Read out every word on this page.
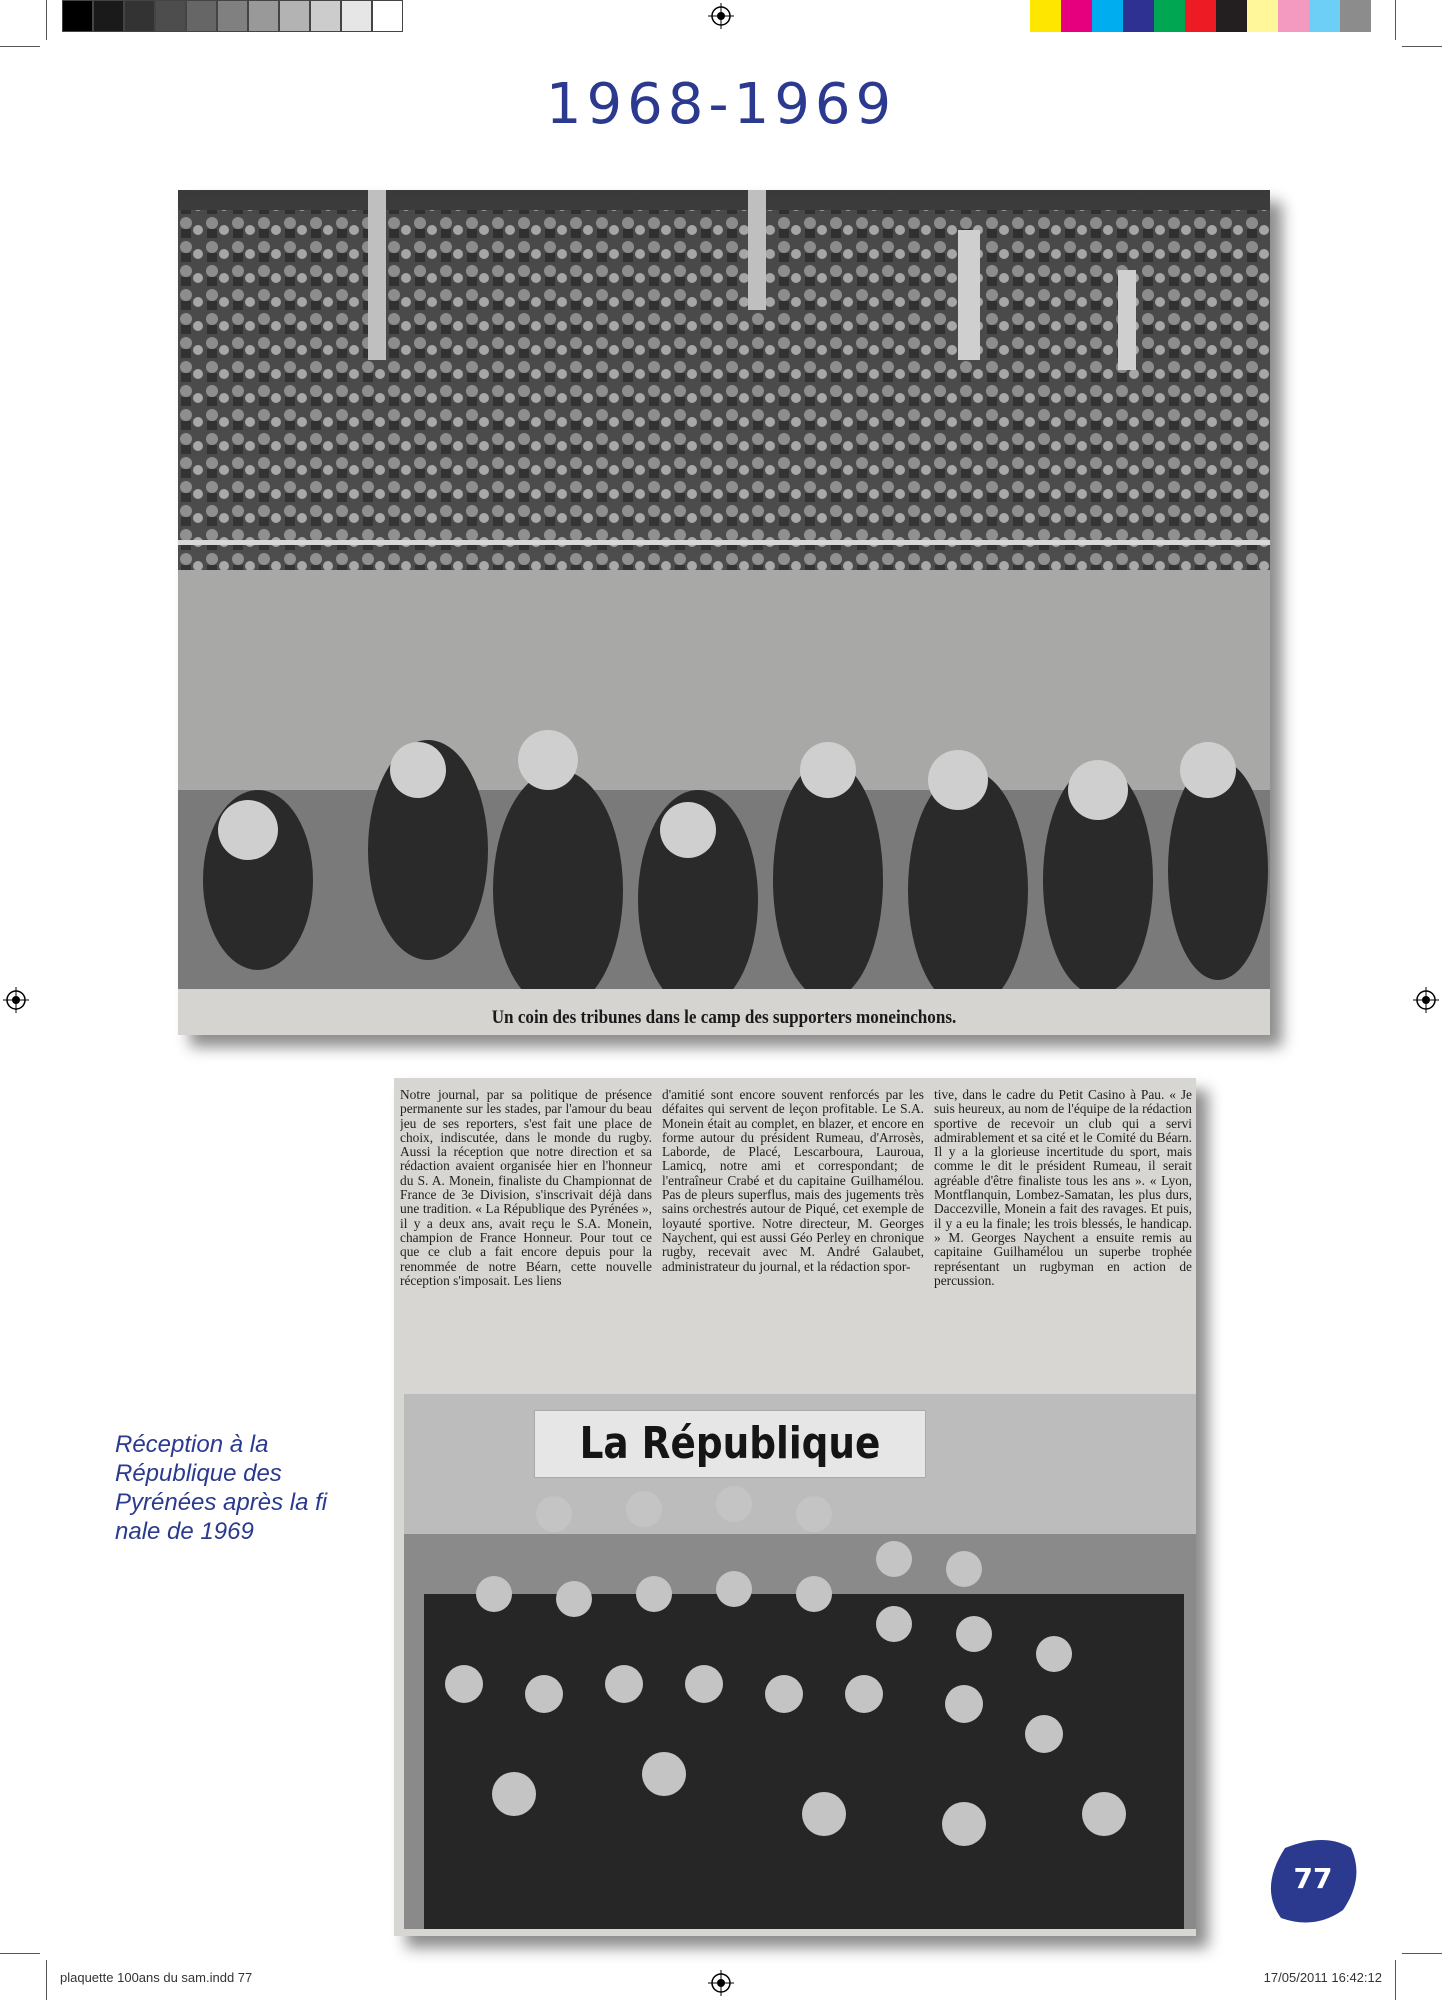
1968-1969
Un coin des tribunes dans le camp des supporters moneinchons.
Notre journal, par sa politique de présence permanente sur les stades, par l'amour du beau jeu de ses reporters, s'est fait une place de choix, indiscutée, dans le monde du rugby. Aussi la réception que notre direction et sa rédaction avaient organisée hier en l'honneur du S. A. Monein, finaliste du Championnat de France de 3e Division, s'inscrivait déjà dans une tradition. « La République des Pyrénées », il y a deux ans, avait reçu le S.A. Monein, champion de France Honneur. Pour tout ce que ce club a fait encore depuis pour la renommée de notre Béarn, cette nouvelle réception s'imposait. Les liens
d'amitié sont encore souvent renforcés par les défaites qui servent de leçon profitable. Le S.A. Monein était au complet, en blazer, et encore en forme autour du président Rumeau, d'Arrosès, Laborde, de Placé, Lescarboura, Lauroua, Lamicq, notre ami et correspondant; de l'entraîneur Crabé et du capitaine Guilhamélou. Pas de pleurs superflus, mais des jugements très sains orchestrés autour de Piqué, cet exemple de loyauté sportive. Notre directeur, M. Georges Naychent, qui est aussi Géo Perley en chronique rugby, recevait avec M. André Galaubet, administrateur du journal, et la rédaction spor-
tive, dans le cadre du Petit Casino à Pau. « Je suis heureux, au nom de l'équipe de la rédaction sportive de recevoir un club qui a servi admirablement et sa cité et le Comité du Béarn. Il y a la glorieuse incertitude du sport, mais comme le dit le président Rumeau, il serait agréable d'être finaliste tous les ans ». « Lyon, Montflanquin, Lombez-Samatan, les plus durs, Daccezville, Monein a fait des ravages. Et puis, il y a eu la finale; les trois blessés, le handicap. » M. Georges Naychent a ensuite remis au capitaine Guilhamélou un superbe trophée représentant un rugbyman en action de percussion.
La République
Réception à la République des Pyrénées après la fi nale de 1969
77
plaquette 100ans du sam.indd 77	17/05/2011 16:42:12
